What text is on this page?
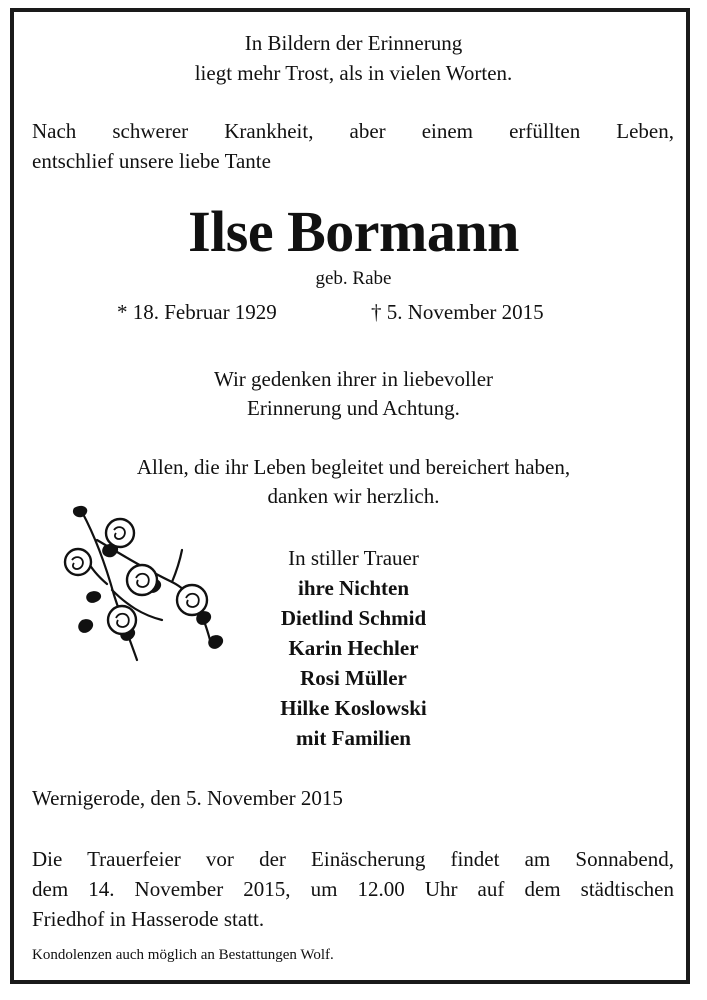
In Bildern der Erinnerung
liegt mehr Trost, als in vielen Worten.
Nach schwerer Krankheit, aber einem erfüllten Leben,
entschlief unsere liebe Tante
Ilse Bormann
geb. Rabe
* 18. Februar 1929	† 5. November 2015
Wir gedenken ihrer in liebevoller
Erinnerung und Achtung.
Allen, die ihr Leben begleitet und bereichert haben,
danken wir herzlich.
In stiller Trauer
ihre Nichten
Dietlind Schmid
Karin Hechler
Rosi Müller
Hilke Koslowski
mit Familien
Wernigerode, den 5. November 2015
Die Trauerfeier vor der Einäscherung findet am Sonnabend,
dem 14. November 2015, um 12.00 Uhr auf dem städtischen
Friedhof in Hasserode statt.
Kondolenzen auch möglich an Bestattungen Wolf.
